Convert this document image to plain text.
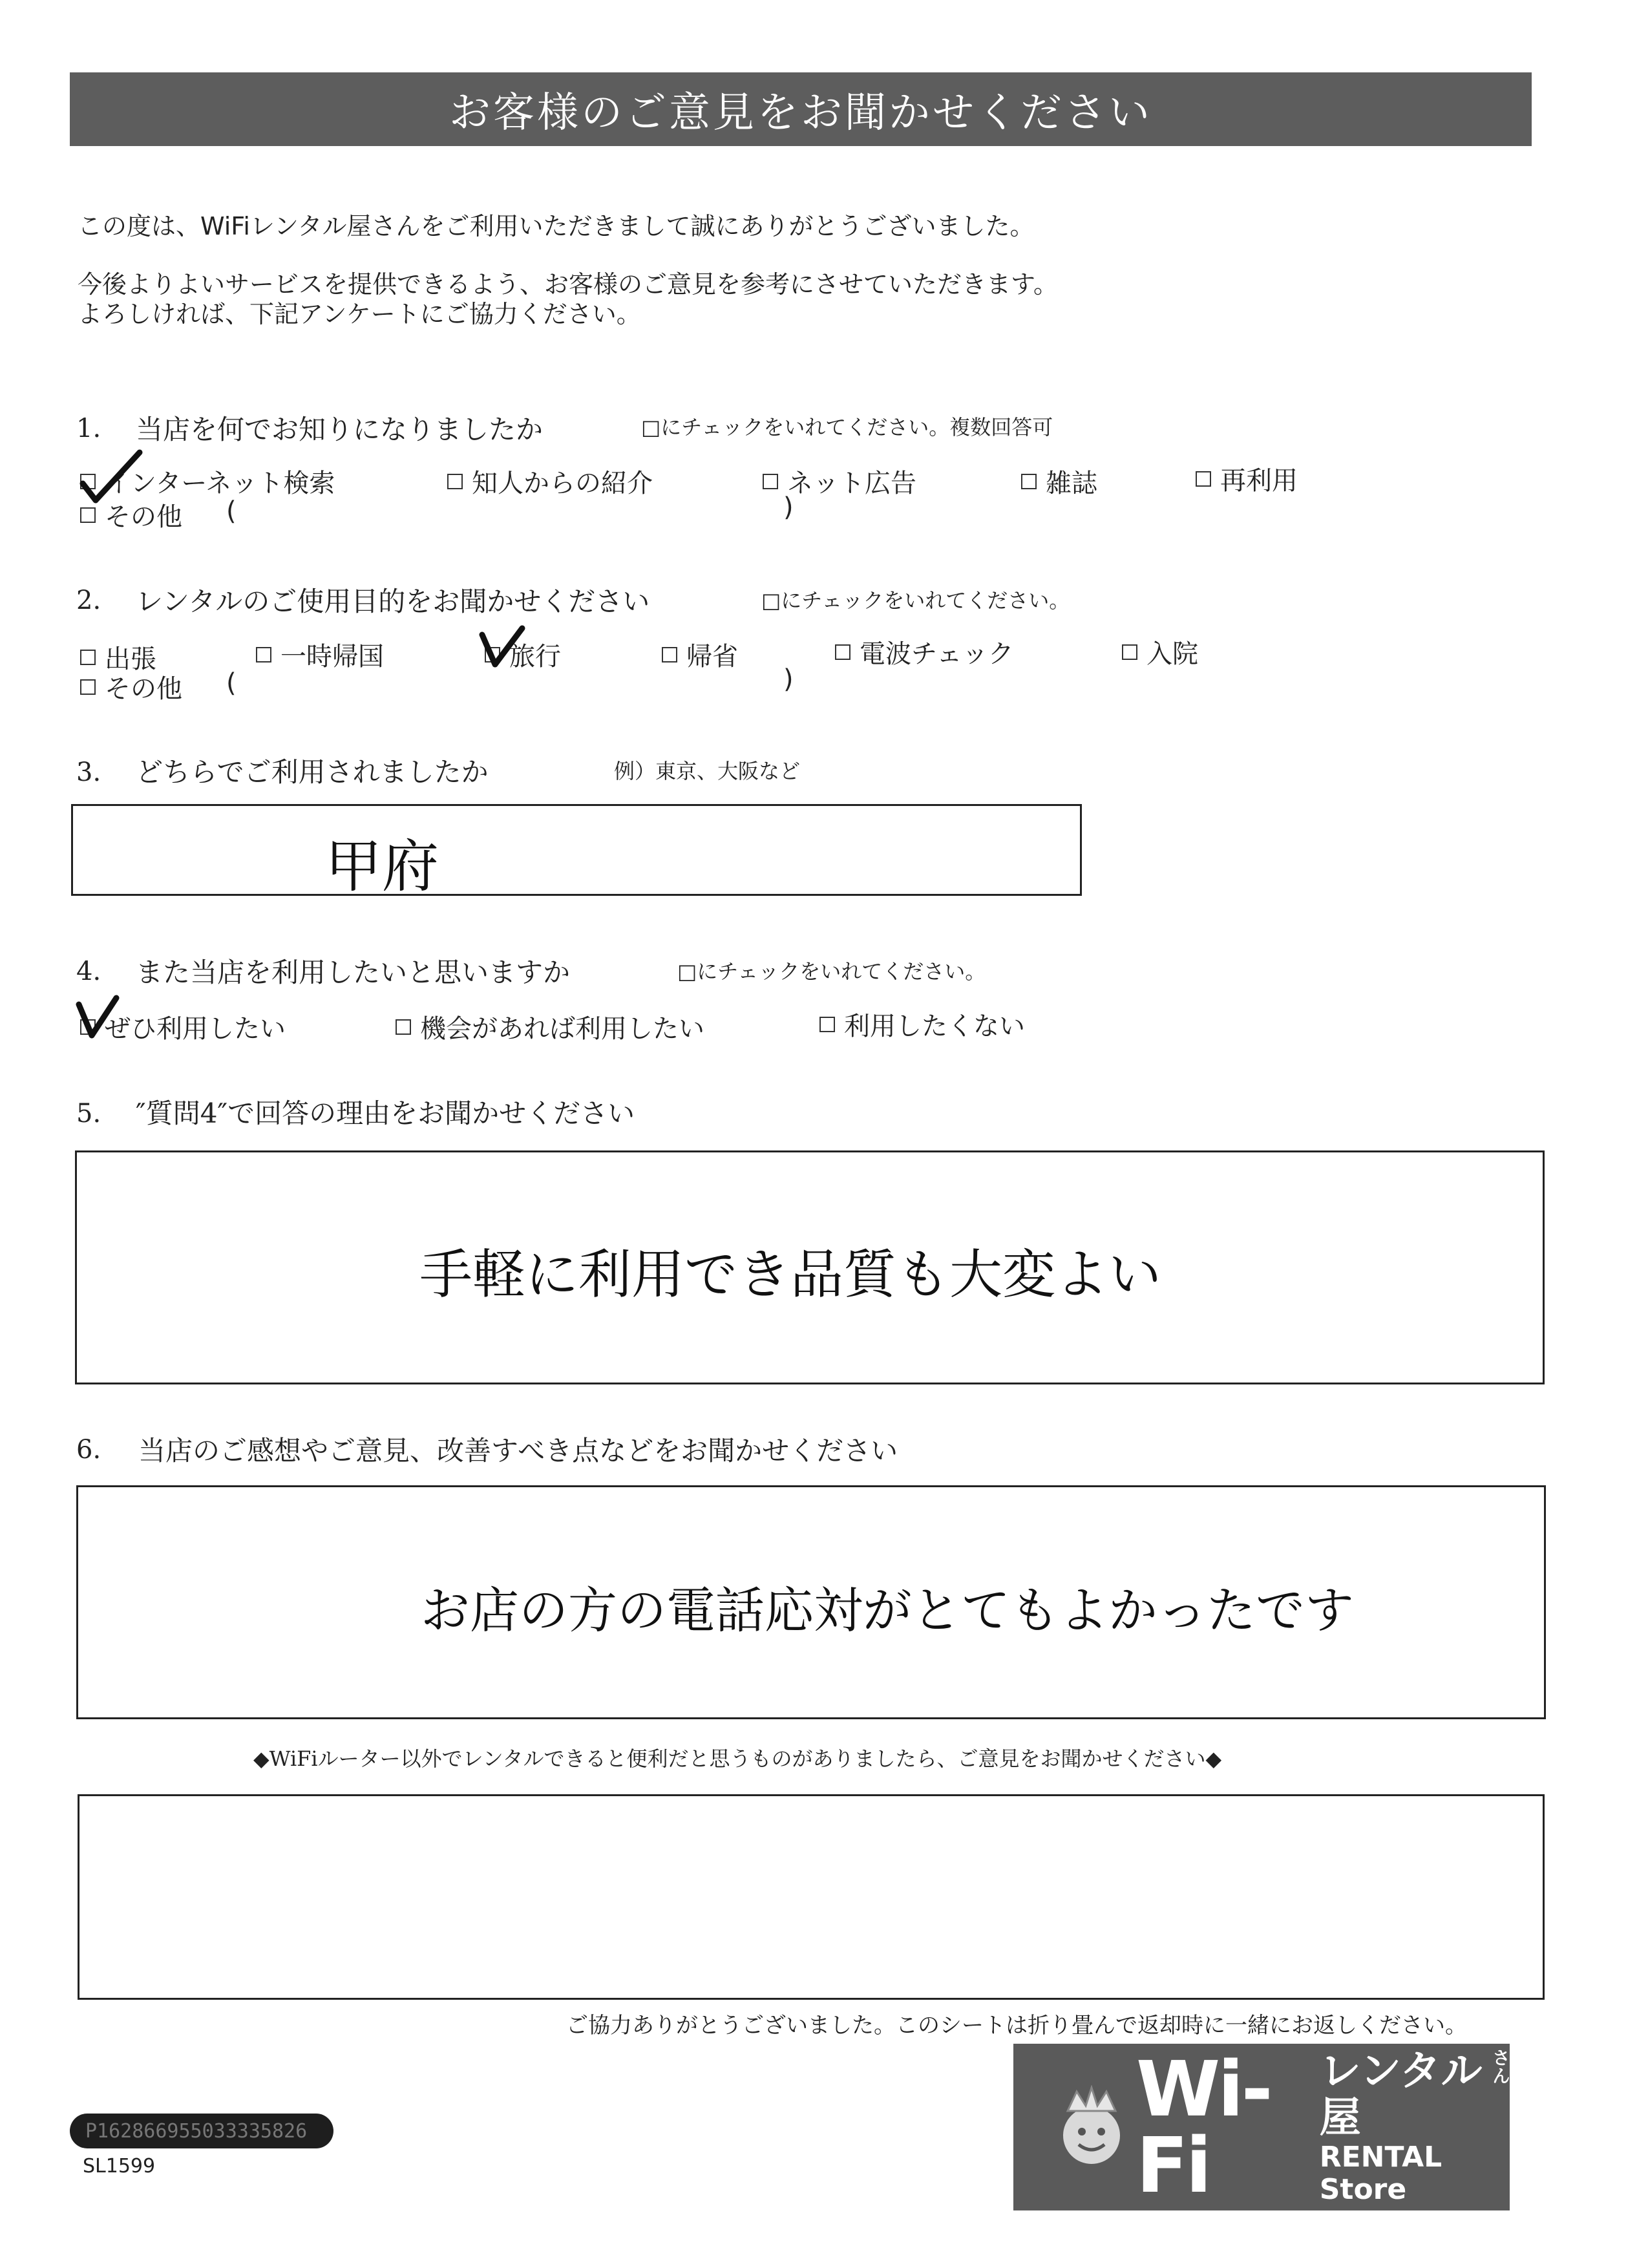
お客様のご意見をお聞かせください
この度は、WiFiレンタル屋さんをご利用いただきまして誠にありがとうございました。
今後よりよいサービスを提供できるよう、お客様のご意見を参考にさせていただきます。
よろしければ、下記アンケートにご協力ください。
1. 当店を何でお知りになりましたか	□にチェックをいれてください。複数回答可
インターネット検索	知人からの紹介	ネット広告	雑誌	再利用
その他 (	)
2. レンタルのご使用目的をお聞かせください	□にチェックをいれてください。
出張	一時帰国	旅行	帰省	電波チェック	入院
その他 (	)
3. どちらでご利用されましたか	例）東京、大阪など
甲府
4. また当店を利用したいと思いますか	□にチェックをいれてください。
ぜひ利用したい	機会があれば利用したい	利用したくない
5. ″質問4″で回答の理由をお聞かせください
手軽に利用でき品質も大変よい
6. 当店のご感想やご意見、改善すべき点などをお聞かせください
お店の方の電話応対がとてもよかったです
◆WiFiルーター以外でレンタルできると便利だと思うものがありましたら、ご意見をお聞かせください◆
ご協力ありがとうございました。このシートは折り畳んで返却時に一緒にお返しください。
P162866955033335826
SL1599
Wi-Fi
レンタル屋
さん
RENTAL Store
